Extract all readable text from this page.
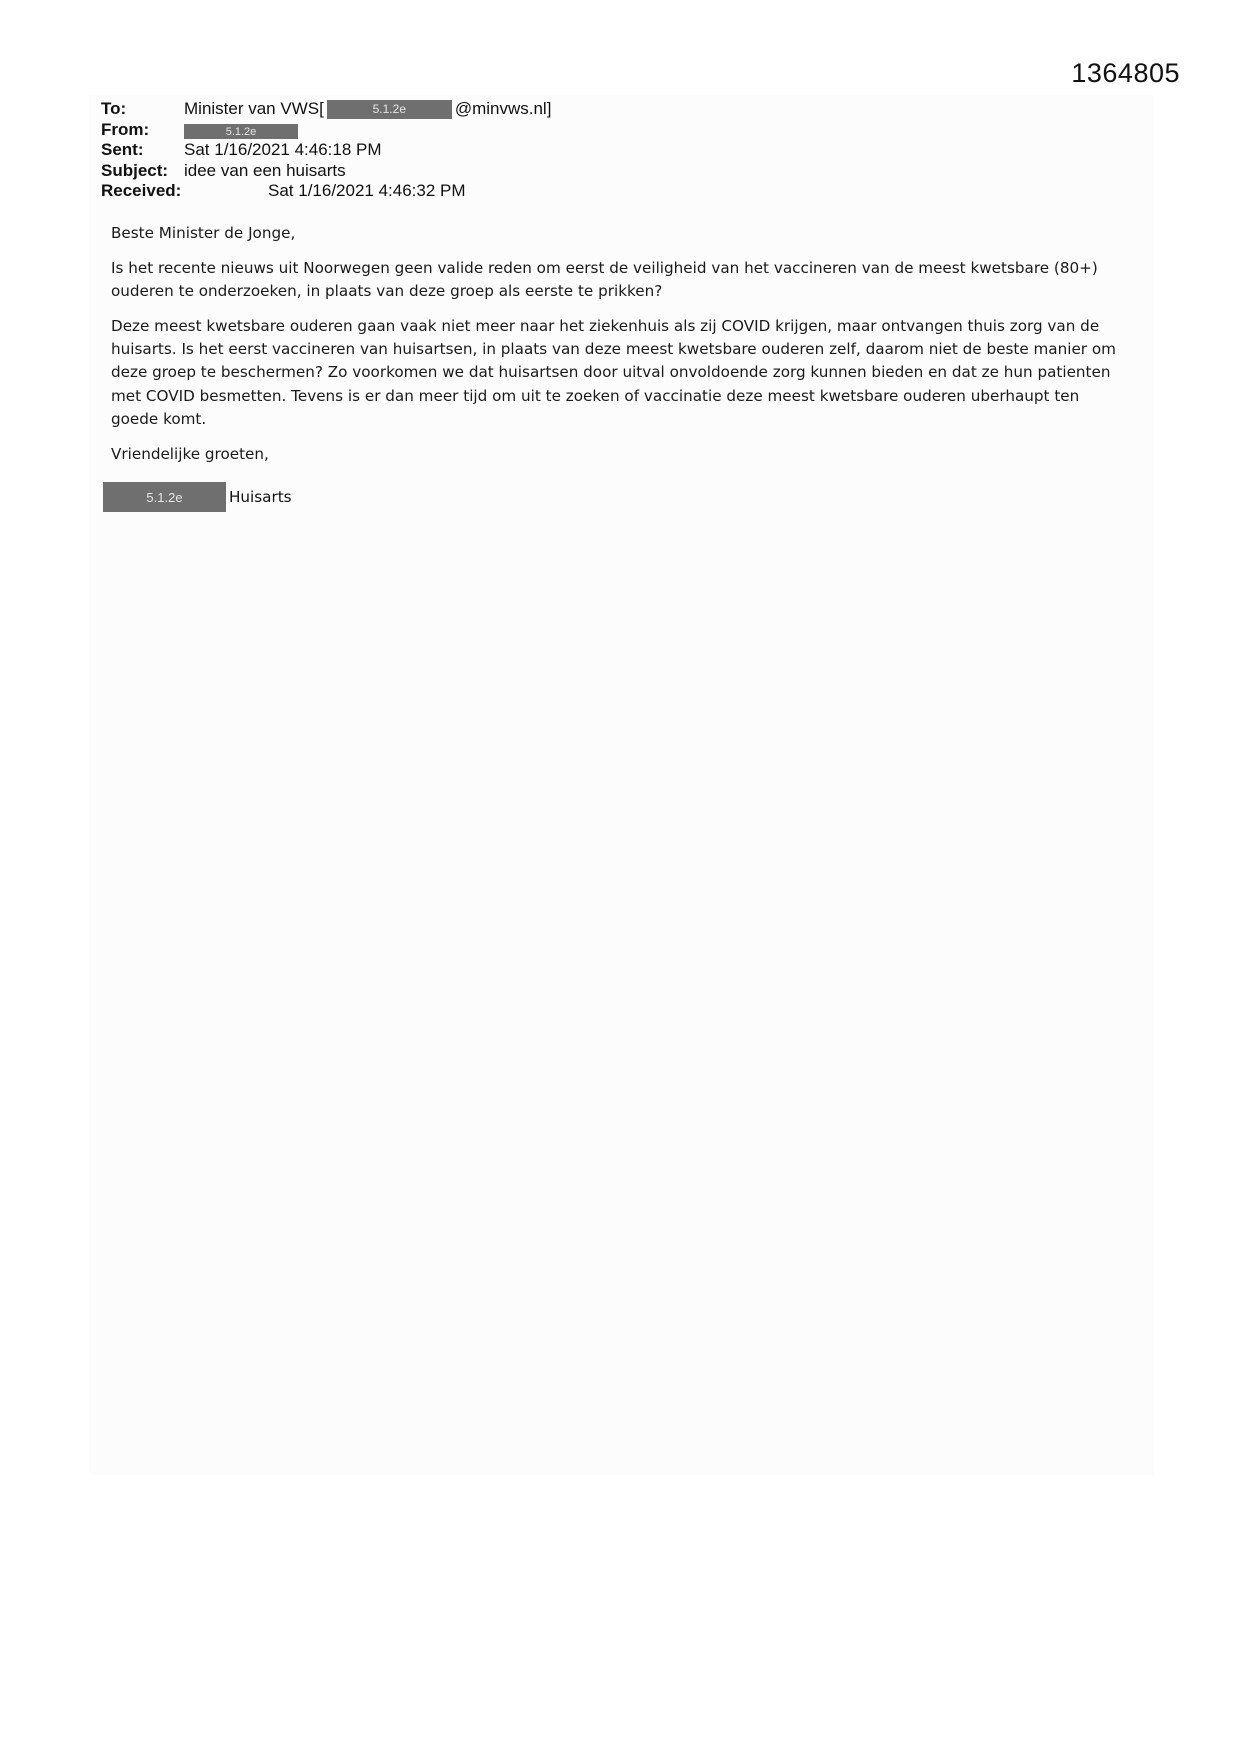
1364805
To:	Minister van VWS[	5.1.2e	@minvws.nl]
From:	5.1.2e
Sent:	Sat 1/16/2021 4:46:18 PM
Subject: idee van een huisarts
Received:	Sat 1/16/2021 4:46:32 PM

Beste Minister de Jonge,

Is het recente nieuws uit Noorwegen geen valide reden om eerst de veiligheid van het vaccineren van de meest kwetsbare (80+)
ouderen te onderzoeken, in plaats van deze groep als eerste te prikken?

Deze meest kwetsbare ouderen gaan vaak niet meer naar het ziekenhuis als zij COVID krijgen, maar ontvangen thuis zorg van de
huisarts. Is het eerst vaccineren van huisartsen, in plaats van deze meest kwetsbare ouderen zelf, daarom niet de beste manier om
deze groep te beschermen? Zo voorkomen we dat huisartsen door uitval onvoldoende zorg kunnen bieden en dat ze hun patienten
met COVID besmetten. Tevens is er dan meer tijd om uit te zoeken of vaccinatie deze meest kwetsbare ouderen uberhaupt ten
goede komt.

Vriendelijke groeten,

5.1.2e	Huisarts
